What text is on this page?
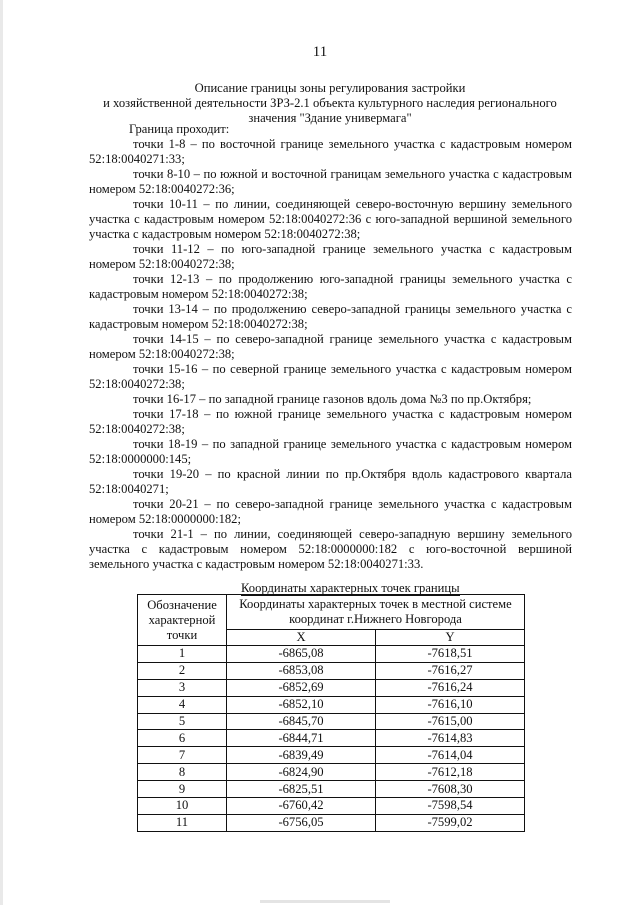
11
Описание границы зоны регулирования застройки
и хозяйственной деятельности ЗРЗ-2.1 объекта культурного наследия регионального
значения "Здание универмага"

Граница проходит:

точки 1-8 – по восточной границе земельного участка с кадастровым номером 52:18:0040271:33;

точки 8-10 – по южной и восточной границам земельного участка с кадастровым номером 52:18:0040272:36;

точки 10-11 – по линии, соединяющей северо-восточную вершину земельного участка с кадастровым номером 52:18:0040272:36 с юго-западной вершиной земельного участка с кадастровым номером 52:18:0040272:38;

точки 11-12 – по юго-западной границе земельного участка с кадастровым номером 52:18:0040272:38;

точки 12-13 – по продолжению юго-западной границы земельного участка с кадастровым номером 52:18:0040272:38;

точки 13-14 – по продолжению северо-западной границы земельного участка с кадастровым номером 52:18:0040272:38;

точки 14-15 – по северо-западной границе земельного участка с кадастровым номером 52:18:0040272:38;

точки 15-16 – по северной границе земельного участка с кадастровым номером 52:18:0040272:38;

точки 16-17 – по западной границе газонов вдоль дома №3 по пр.Октября;

точки 17-18 – по южной границе земельного участка с кадастровым номером 52:18:0040272:38;

точки 18-19 – по западной границе земельного участка с кадастровым номером 52:18:0000000:145;

точки 19-20 – по красной линии по пр.Октября вдоль кадастрового квартала 52:18:0040271;

точки 20-21 – по северо-западной границе земельного участка с кадастровым номером 52:18:0000000:182;

точки 21-1 – по линии, соединяющей северо-западную вершину земельного участка с кадастровым номером 52:18:0000000:182 с юго-восточной вершиной земельного участка с кадастровым номером 52:18:0040271:33.

Координаты характерных точек границы
Обозначение характерной точки	Координаты характерных точек в местной системе координат г.Нижнего Новгорода	
	X	Y
1	-6865,08	-7618,51
2	-6853,08	-7616,27
3	-6852,69	-7616,24
4	-6852,10	-7616,10
5	-6845,70	-7615,00
6	-6844,71	-7614,83
7	-6839,49	-7614,04
8	-6824,90	-7612,18
9	-6825,51	-7608,30
10	-6760,42	-7598,54
11	-6756,05	-7599,02
